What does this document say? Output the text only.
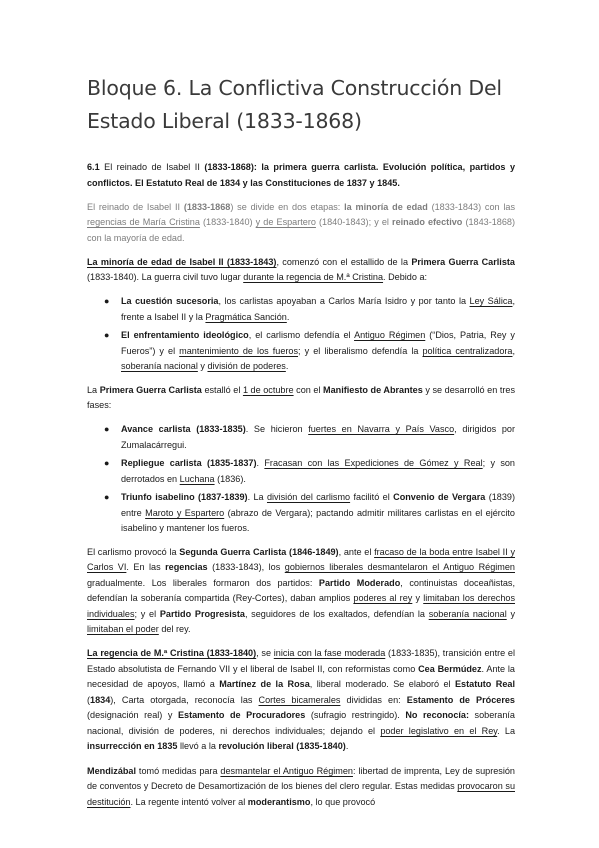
Bloque 6. La Conflictiva Construcción Del Estado Liberal (1833-1868)

6.1 El reinado de Isabel II (1833-1868): la primera guerra carlista. Evolución política, partidos y conflictos. El Estatuto Real de 1834 y las Constituciones de 1837 y 1845.

El reinado de Isabel II (1833-1868) se divide en dos etapas: la minoría de edad (1833-1843) con las regencias de María Cristina (1833-1840) y de Espartero (1840-1843); y el reinado efectivo (1843-1868) con la mayoría de edad.

La minoría de edad de Isabel II (1833-1843), comenzó con el estallido de la Primera Guerra Carlista (1833-1840). La guerra civil tuvo lugar durante la regencia de M.ª Cristina. Debido a:

● La cuestión sucesoria, los carlistas apoyaban a Carlos María Isidro y por tanto la Ley Sálica, frente a Isabel II y la Pragmática Sanción.
● El enfrentamiento ideológico, el carlismo defendía el Antiguo Régimen (“Dios, Patria, Rey y Fueros”) y el mantenimiento de los fueros; y el liberalismo defendía la política centralizadora, soberanía nacional y división de poderes.

La Primera Guerra Carlista estalló el 1 de octubre con el Manifiesto de Abrantes y se desarrolló en tres fases:

● Avance carlista (1833-1835). Se hicieron fuertes en Navarra y País Vasco, dirigidos por Zumalacárregui.
● Repliegue carlista (1835-1837). Fracasan con las Expediciones de Gómez y Real; y son derrotados en Luchana (1836).
● Triunfo isabelino (1837-1839). La división del carlismo facilitó el Convenio de Vergara (1839) entre Maroto y Espartero (abrazo de Vergara); pactando admitir militares carlistas en el ejército isabelino y mantener los fueros.

El carlismo provocó la Segunda Guerra Carlista (1846-1849), ante el fracaso de la boda entre Isabel II y Carlos VI. En las regencias (1833-1843), los gobiernos liberales desmantelaron el Antiguo Régimen gradualmente. Los liberales formaron dos partidos: Partido Moderado, continuistas doceañistas, defendían la soberanía compartida (Rey-Cortes), daban amplios poderes al rey y limitaban los derechos individuales; y el Partido Progresista, seguidores de los exaltados, defendían la soberanía nacional y limitaban el poder del rey.

La regencia de M.ª Cristina (1833-1840), se inicia con la fase moderada (1833-1835), transición entre el Estado absolutista de Fernando VII y el liberal de Isabel II, con reformistas como Cea Bermúdez. Ante la necesidad de apoyos, llamó a Martínez de la Rosa, liberal moderado. Se elaboró el Estatuto Real (1834), Carta otorgada, reconocía las Cortes bicamerales divididas en: Estamento de Próceres (designación real) y Estamento de Procuradores (sufragio restringido). No reconocía: soberanía nacional, división de poderes, ni derechos individuales; dejando el poder legislativo en el Rey. La insurrección en 1835 llevó a la revolución liberal (1835-1840).

Mendizábal tomó medidas para desmantelar el Antiguo Régimen: libertad de imprenta, Ley de supresión de conventos y Decreto de Desamortización de los bienes del clero regular. Estas medidas provocaron su destitución. La regente intentó volver al moderantismo, lo que provocó
